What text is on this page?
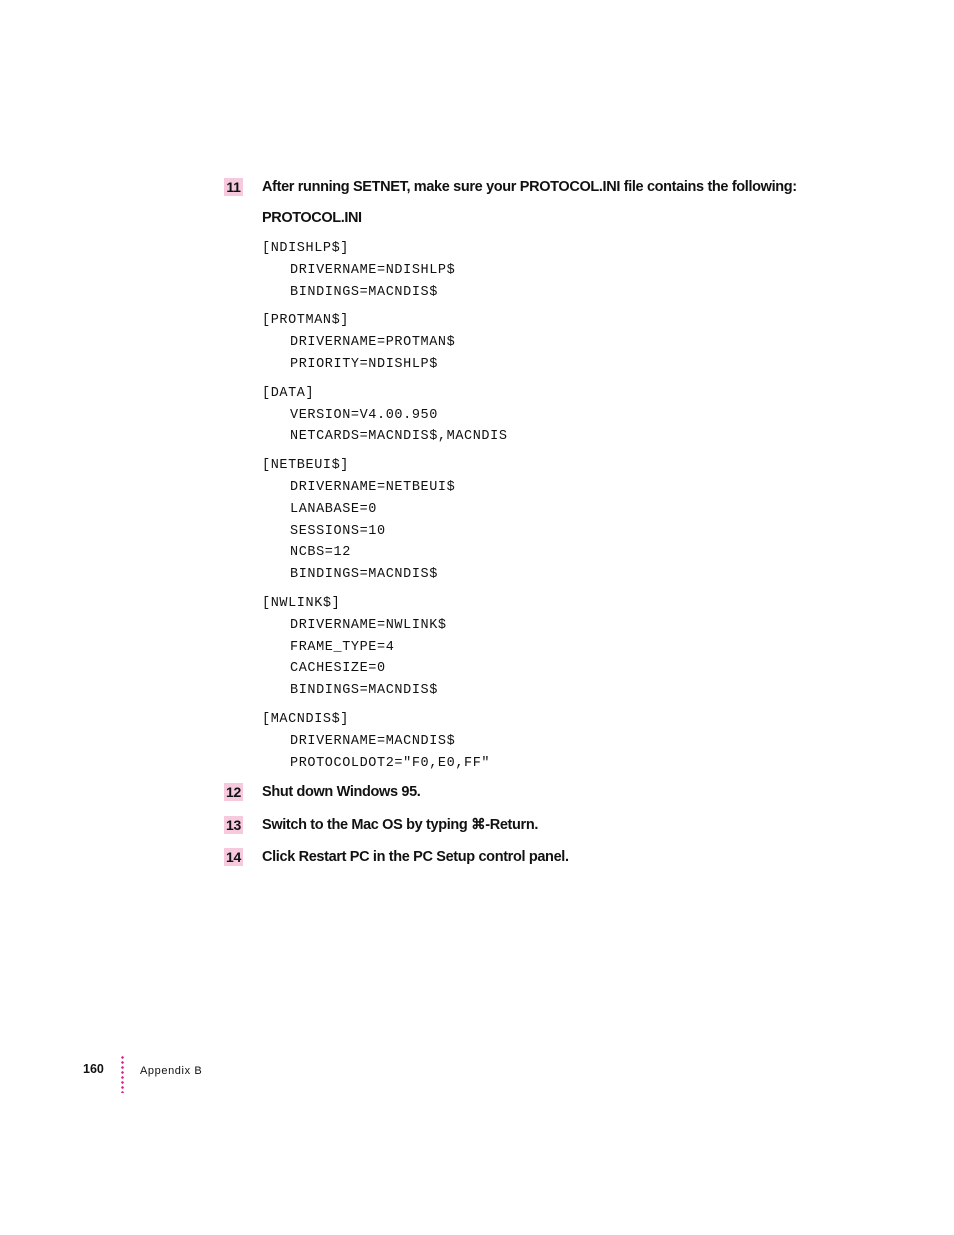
11 After running SETNET, make sure your PROTOCOL.INI file contains the following:
PROTOCOL.INI
[NDISHLP$]
DRIVERNAME=NDISHLP$
BINDINGS=MACNDIS$
[PROTMAN$]
DRIVERNAME=PROTMAN$
PRIORITY=NDISHLP$
[DATA]
VERSION=V4.00.950
NETCARDS=MACNDIS$,MACNDIS
[NETBEUI$]
DRIVERNAME=NETBEUI$
LANABASE=0
SESSIONS=10
NCBS=12
BINDINGS=MACNDIS$
[NWLINK$]
DRIVERNAME=NWLINK$
FRAME_TYPE=4
CACHESIZE=0
BINDINGS=MACNDIS$
[MACNDIS$]
DRIVERNAME=MACNDIS$
PROTOCOLDOT2="F0,E0,FF"
12 Shut down Windows 95.
13 Switch to the Mac OS by typing ⌘-Return.
14 Click Restart PC in the PC Setup control panel.
160	Appendix B
